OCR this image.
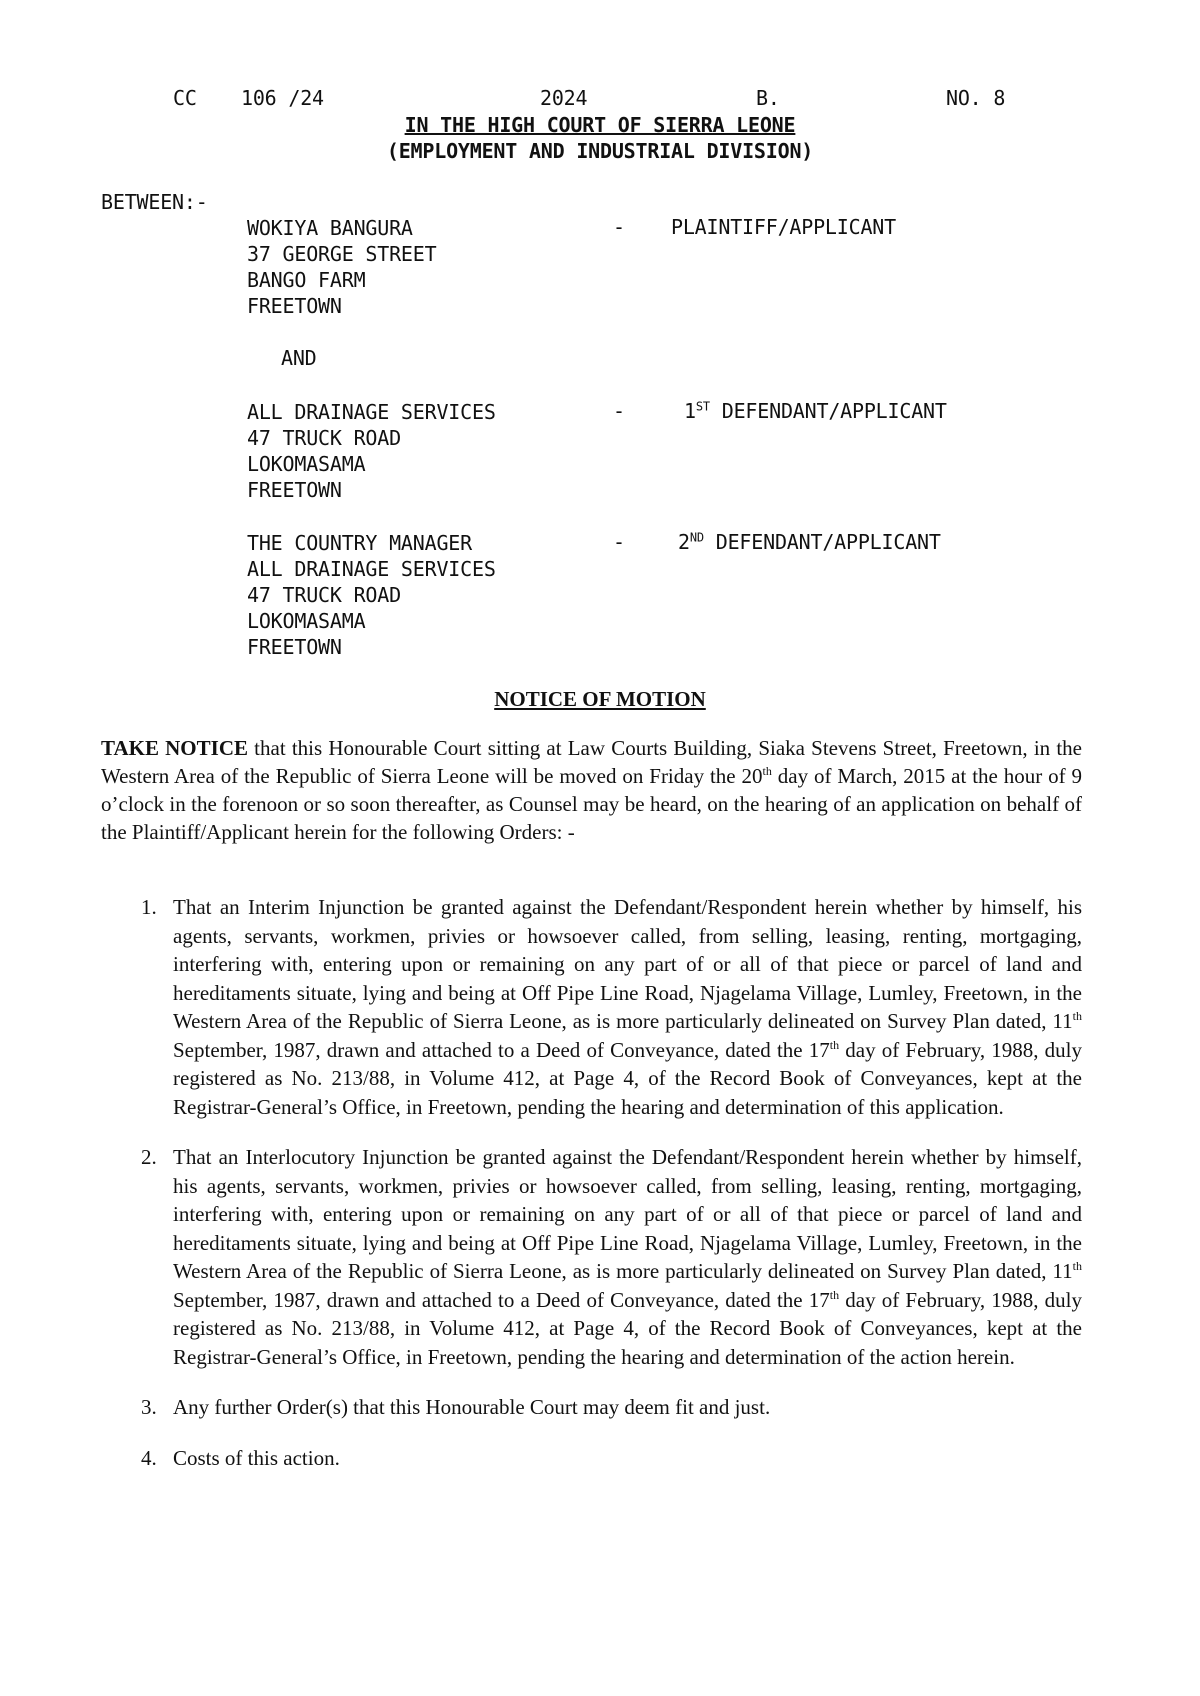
CC 106 /24	2024	B.	NO. 8
IN THE HIGH COURT OF SIERRA LEONE
(EMPLOYMENT AND INDUSTRIAL DIVISION)
BETWEEN:-
WOKIYA BANGURA
37 GEORGE STREET
BANGO FARM
FREETOWN
- PLAINTIFF/APPLICANT
AND
ALL DRAINAGE SERVICES
47 TRUCK ROAD
LOKOMASAMA
FREETOWN
-	1ST DEFENDANT/APPLICANT
THE COUNTRY MANAGER
ALL DRAINAGE SERVICES
47 TRUCK ROAD
LOKOMASAMA
FREETOWN
-	2ND DEFENDANT/APPLICANT
NOTICE OF MOTION
TAKE NOTICE that this Honourable Court sitting at Law Courts Building, Siaka Stevens Street, Freetown, in the Western Area of the Republic of Sierra Leone will be moved on Friday the 20th day of March, 2015 at the hour of 9 o’clock in the forenoon or so soon thereafter, as Counsel may be heard, on the hearing of an application on behalf of the Plaintiff/Applicant herein for the following Orders: -
1. That an Interim Injunction be granted against the Defendant/Respondent herein whether by himself, his agents, servants, workmen, privies or howsoever called, from selling, leasing, renting, mortgaging, interfering with, entering upon or remaining on any part of or all of that piece or parcel of land and hereditaments situate, lying and being at Off Pipe Line Road, Njagelama Village, Lumley, Freetown, in the Western Area of the Republic of Sierra Leone, as is more particularly delineated on Survey Plan dated, 11th September, 1987, drawn and attached to a Deed of Conveyance, dated the 17th day of February, 1988, duly registered as No. 213/88, in Volume 412, at Page 4, of the Record Book of Conveyances, kept at the Registrar-General’s Office, in Freetown, pending the hearing and determination of this application.
2. That an Interlocutory Injunction be granted against the Defendant/Respondent herein whether by himself, his agents, servants, workmen, privies or howsoever called, from selling, leasing, renting, mortgaging, interfering with, entering upon or remaining on any part of or all of that piece or parcel of land and hereditaments situate, lying and being at Off Pipe Line Road, Njagelama Village, Lumley, Freetown, in the Western Area of the Republic of Sierra Leone, as is more particularly delineated on Survey Plan dated, 11th September, 1987, drawn and attached to a Deed of Conveyance, dated the 17th day of February, 1988, duly registered as No. 213/88, in Volume 412, at Page 4, of the Record Book of Conveyances, kept at the Registrar-General’s Office, in Freetown, pending the hearing and determination of the action herein.
3. Any further Order(s) that this Honourable Court may deem fit and just.
4. Costs of this action.
